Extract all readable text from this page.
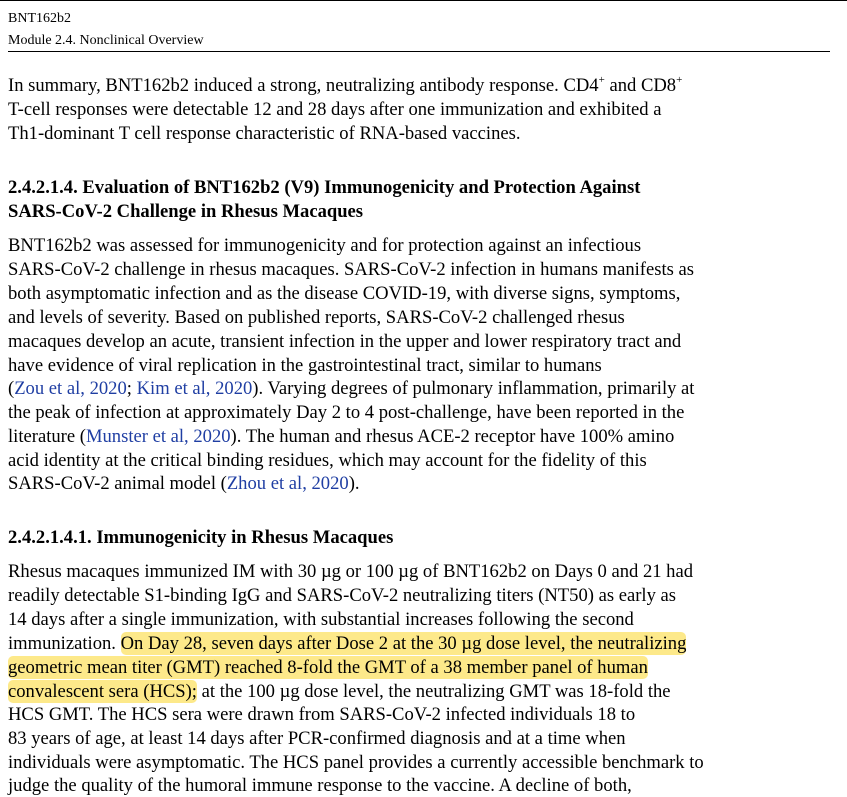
BNT162b2
Module 2.4. Nonclinical Overview
In summary, BNT162b2 induced a strong, neutralizing antibody response. CD4+ and CD8+
T-cell responses were detectable 12 and 28 days after one immunization and exhibited a
Th1-dominant T cell response characteristic of RNA-based vaccines.
2.4.2.1.4. Evaluation of BNT162b2 (V9) Immunogenicity and Protection Against
SARS-CoV-2 Challenge in Rhesus Macaques
BNT162b2 was assessed for immunogenicity and for protection against an infectious
SARS-CoV-2 challenge in rhesus macaques. SARS-CoV-2 infection in humans manifests as
both asymptomatic infection and as the disease COVID-19, with diverse signs, symptoms,
and levels of severity. Based on published reports, SARS-CoV-2 challenged rhesus
macaques develop an acute, transient infection in the upper and lower respiratory tract and
have evidence of viral replication in the gastrointestinal tract, similar to humans
(Zou et al, 2020; Kim et al, 2020). Varying degrees of pulmonary inflammation, primarily at
the peak of infection at approximately Day 2 to 4 post-challenge, have been reported in the
literature (Munster et al, 2020). The human and rhesus ACE-2 receptor have 100% amino
acid identity at the critical binding residues, which may account for the fidelity of this
SARS-CoV-2 animal model (Zhou et al, 2020).
2.4.2.1.4.1. Immunogenicity in Rhesus Macaques
Rhesus macaques immunized IM with 30 µg or 100 µg of BNT162b2 on Days 0 and 21 had
readily detectable S1-binding IgG and SARS-CoV-2 neutralizing titers (NT50) as early as
14 days after a single immunization, with substantial increases following the second
immunization. On Day 28, seven days after Dose 2 at the 30 µg dose level, the neutralizing
geometric mean titer (GMT) reached 8-fold the GMT of a 38 member panel of human
convalescent sera (HCS); at the 100 µg dose level, the neutralizing GMT was 18-fold the
HCS GMT. The HCS sera were drawn from SARS-CoV-2 infected individuals 18 to
83 years of age, at least 14 days after PCR-confirmed diagnosis and at a time when
individuals were asymptomatic. The HCS panel provides a currently accessible benchmark to
judge the quality of the humoral immune response to the vaccine. A decline of both,
